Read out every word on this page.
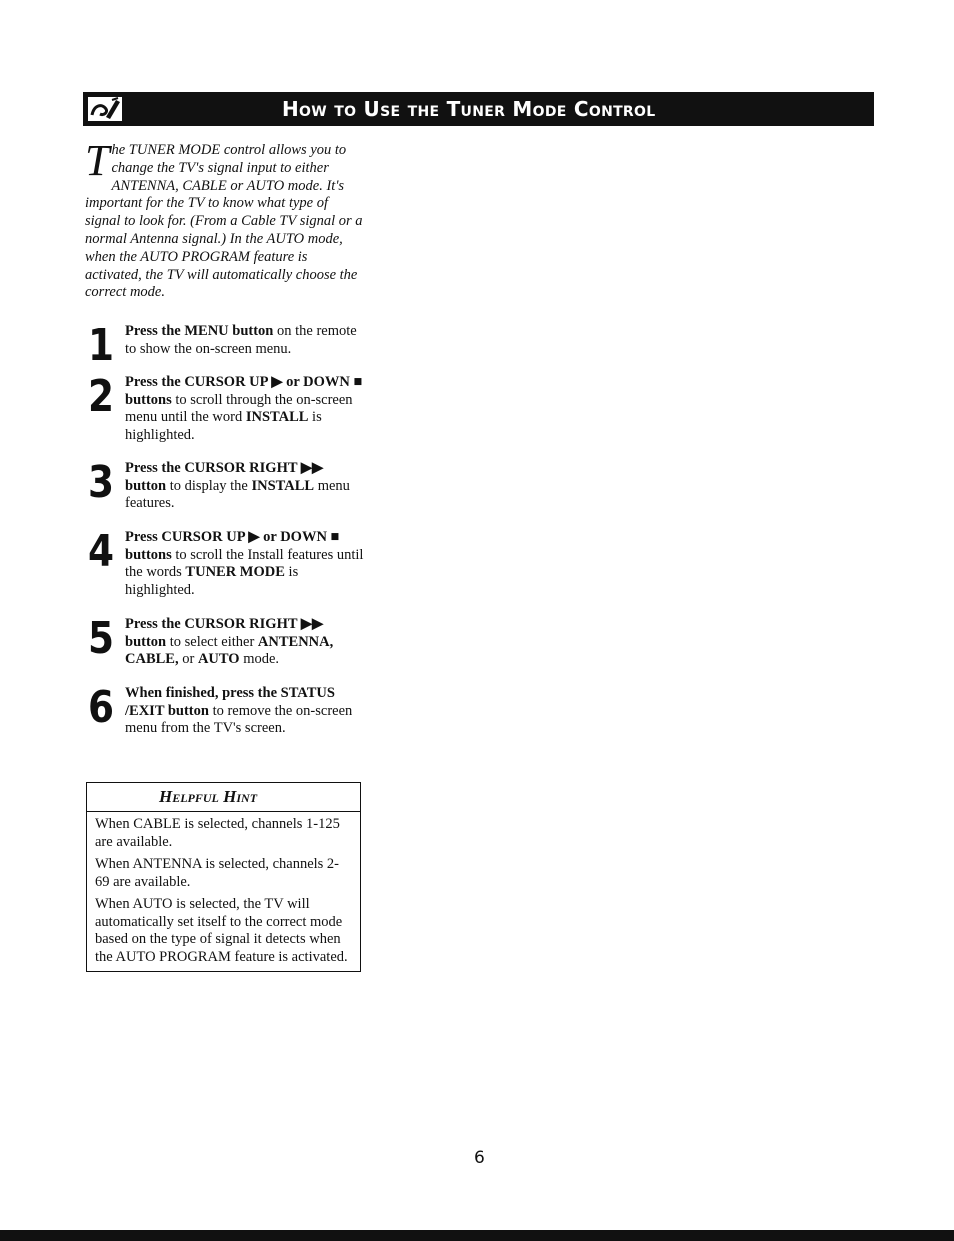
How to Use the Tuner Mode Control
The TUNER MODE control allows you to change the TV's signal input to either ANTENNA, CABLE or AUTO mode. It's important for the TV to know what type of signal to look for. (From a Cable TV signal or a normal Antenna signal.) In the AUTO mode, when the AUTO PROGRAM feature is activated, the TV will automatically choose the correct mode.
1 Press the MENU button on the remote to show the on-screen menu.
2 Press the CURSOR UP ▶ or DOWN ■ buttons to scroll through the on-screen menu until the word INSTALL is highlighted.
3 Press the CURSOR RIGHT ▶▶ button to display the INSTALL menu features.
4 Press CURSOR UP ▶ or DOWN ■ buttons to scroll the Install features until the words TUNER MODE is highlighted.
5 Press the CURSOR RIGHT ▶▶ button to select either ANTENNA, CABLE, or AUTO mode.
6 When finished, press the STATUS /EXIT button to remove the on-screen menu from the TV's screen.
Helpful Hint

When CABLE is selected, channels 1-125 are available.

When ANTENNA is selected, channels 2-69 are available.

When AUTO is selected, the TV will automatically set itself to the correct mode based on the type of signal it detects when the AUTO PROGRAM feature is activated.

6
